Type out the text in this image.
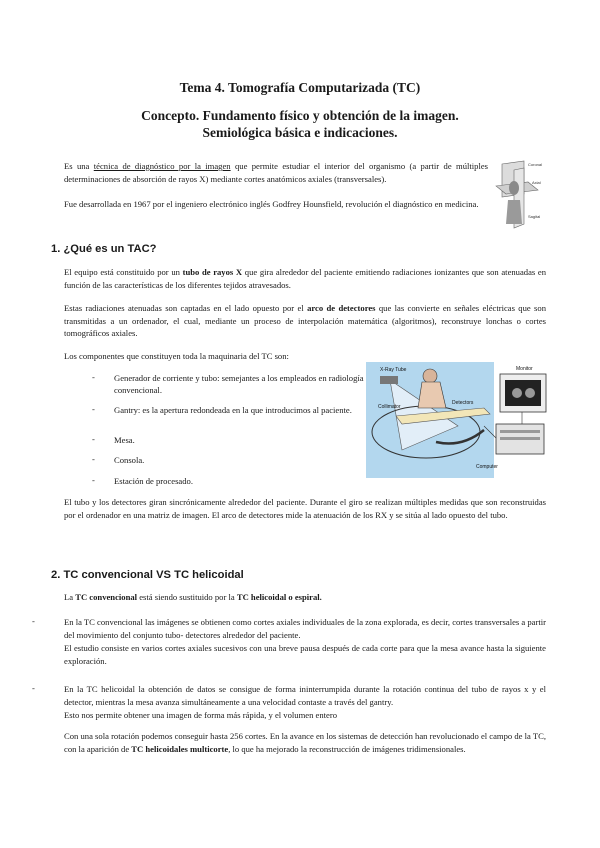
Tema 4. Tomografía Computarizada (TC)
Concepto. Fundamento físico y obtención de la imagen.
Semiológica básica e indicaciones.
Es una técnica de diagnóstico por la imagen que permite estudiar el interior del organismo (a partir de múltiples determinaciones de absorción de rayos X) mediante cortes anatómicos axiales (transversales).
Fue desarrollada en 1967 por el ingeniero electrónico inglés Godfrey Hounsfield, revolución el diagnóstico en medicina.
Coronal
Axial
Sagital
1. ¿Qué es un TAC?
El equipo está constituido por un tubo de rayos X que gira alrededor del paciente emitiendo radiaciones ionizantes que son atenuadas en función de las características de los diferentes tejidos atravesados.
Estas radiaciones atenuadas son captadas en el lado opuesto por el arco de detectores que las convierte en señales eléctricas que son transmitidas a un ordenador, el cual, mediante un proceso de interpolación matemática (algoritmos), reconstruye lonchas o cortes tomográficos axiales.
Los componentes que constituyen toda la maquinaria del TC son:
- Generador de corriente y tubo: semejantes a los empleados en radiología convencional.
- Gantry: es la apertura redondeada en la que introducimos al paciente.
- Mesa.
- Consola.
- Estación de procesado.
X-Ray Tube
Collimator
Detectors
Monitor
Computer
El tubo y los detectores giran sincrónicamente alrededor del paciente. Durante el giro se realizan múltiples medidas que son reconstruidas por el ordenador en una matriz de imagen. El arco de detectores mide la atenuación de los RX y se sitúa al lado opuesto del tubo.
2. TC convencional VS TC helicoidal
La TC convencional está siendo sustituido por la TC helicoidal o espiral.
-	En la TC convencional las imágenes se obtienen como cortes axiales individuales de la zona explorada, es decir, cortes transversales a partir del movimiento del conjunto tubo- detectores alrededor del paciente.
El estudio consiste en varios cortes axiales sucesivos con una breve pausa después de cada corte para que la mesa avance hasta la siguiente exploración.
-	En la TC helicoidal la obtención de datos se consigue de forma ininterrumpida durante la rotación continua del tubo de rayos x y el detector, mientras la mesa avanza simultáneamente a una velocidad contaste a través del gantry.
Esto nos permite obtener una imagen de forma más rápida, y el volumen entero
Con una sola rotación podemos conseguir hasta 256 cortes. En la avance en los sistemas de detección han revolucionado el campo de la TC, con la aparición de TC helicoidales multicorte, lo que ha mejorado la reconstrucción de imágenes tridimensionales.
